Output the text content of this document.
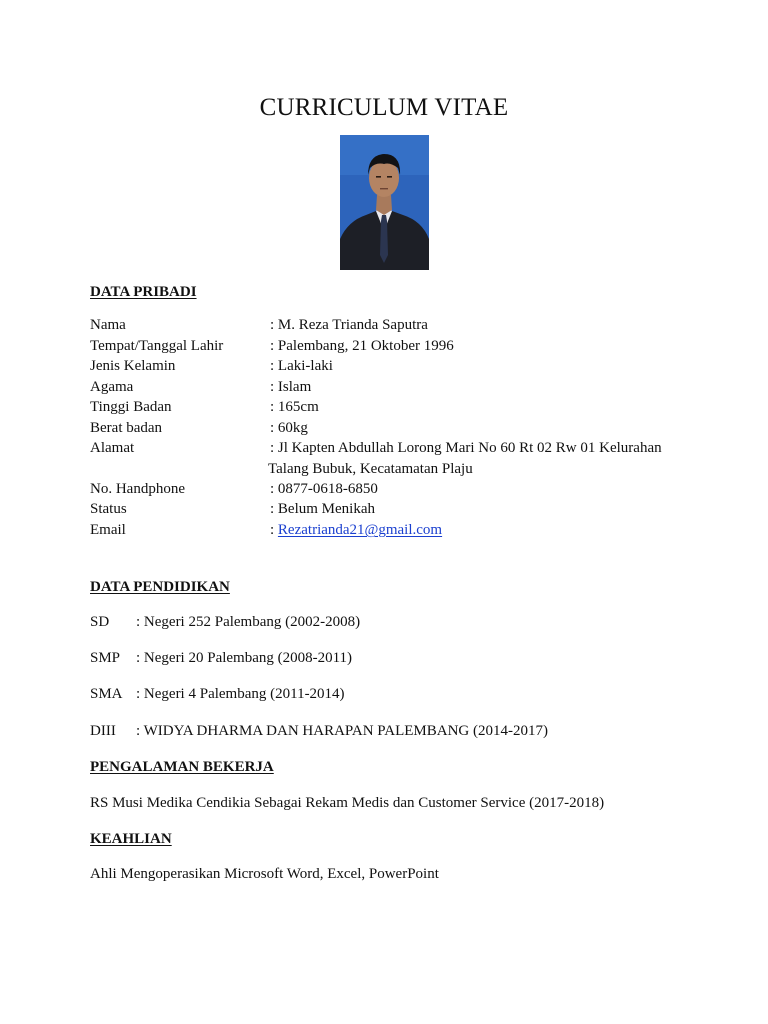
CURRICULUM VITAE
DATA PRIBADI
Nama	: M. Reza Trianda Saputra
Tempat/Tanggal Lahir	: Palembang, 21 Oktober 1996
Jenis Kelamin	: Laki-laki
Agama	: Islam
Tinggi Badan	: 165cm
Berat badan	: 60kg
Alamat	: Jl Kapten Abdullah Lorong Mari No 60 Rt 02 Rw 01 Kelurahan
Talang Bubuk, Kecatamatan Plaju
No. Handphone	: 0877-0618-6850
Status	: Belum Menikah
Email	: Rezatrianda21@gmail.com
DATA PENDIDIKAN
SD : Negeri 252 Palembang (2002-2008)
SMP : Negeri 20 Palembang (2008-2011)
SMA : Negeri 4 Palembang (2011-2014)
DIII : WIDYA DHARMA DAN HARAPAN PALEMBANG (2014-2017)
PENGALAMAN BEKERJA
RS Musi Medika Cendikia Sebagai Rekam Medis dan Customer Service (2017-2018)
KEAHLIAN
Ahli Mengoperasikan Microsoft Word, Excel, PowerPoint
